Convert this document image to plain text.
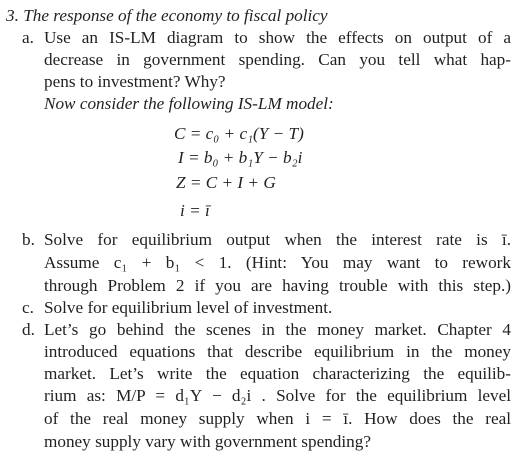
3. The response of the economy to fiscal policy
a. Use an IS-LM diagram to show the effects on output of a
decrease in government spending. Can you tell what hap-
pens to investment? Why?
Now consider the following IS-LM model:
C = c₀ + c₁(Y − T)
I = b₀ + b₁Y − b₂i
Z = C + I + G
i = ī
b. Solve for equilibrium output when the interest rate is ī.
Assume c₁ + b₁ < 1. (Hint: You may want to rework
through Problem 2 if you are having trouble with this step.)
c. Solve for equilibrium level of investment.
d. Let’s go behind the scenes in the money market. Chapter 4
introduced equations that describe equilibrium in the money
market. Let’s write the equation characterizing the equilib-
rium as: M/P = d₁Y − d₂i . Solve for the equilibrium level
of the real money supply when i = ī. How does the real
money supply vary with government spending?
